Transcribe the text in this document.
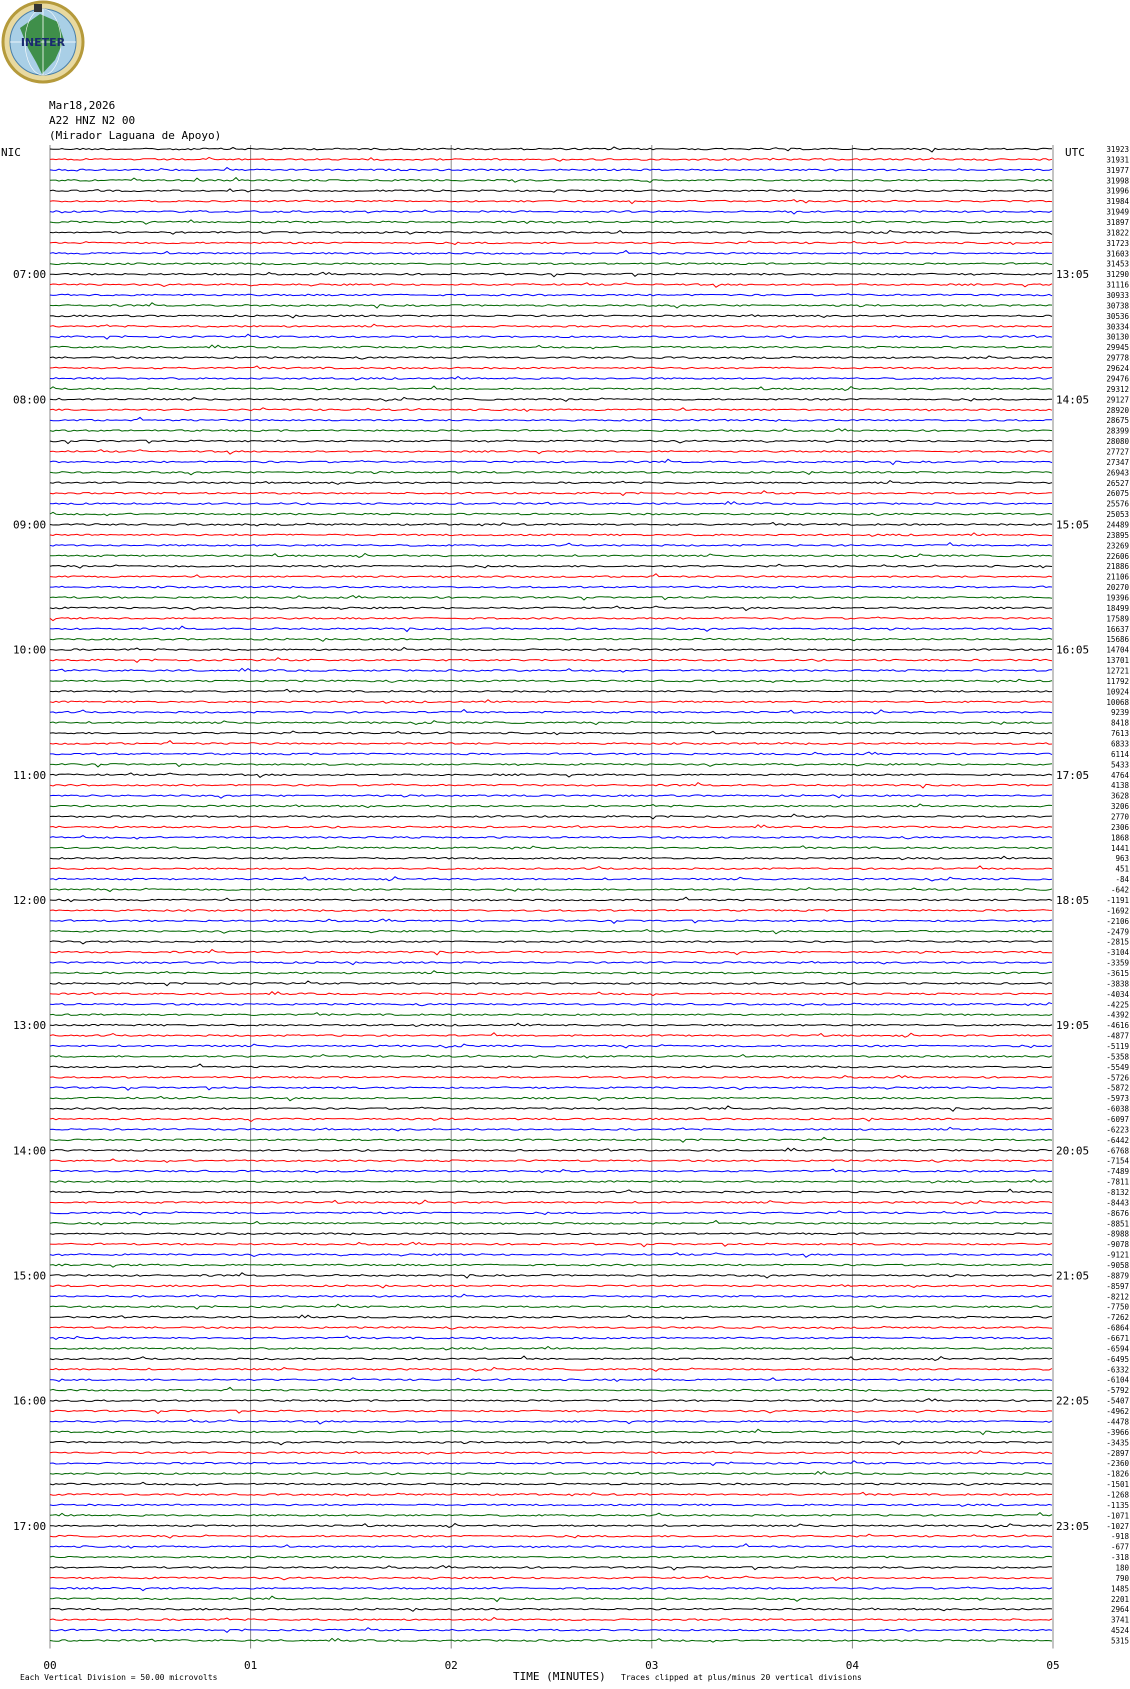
INETER
Mar18,2026
A22 HNZ N2 00
(Mirador Laguana de Apoyo)
07:00
08:00
09:00
10:00
11:00
12:00
13:00
14:00
15:00
16:00
17:00
13:05
14:05
15:05
16:05
17:05
18:05
19:05
20:05
21:05
22:05
23:05
31923
31931
31977
31998
31996
31984
31949
31897
31822
31723
31603
31453
31290
31116
30933
30738
30536
30334
30130
29945
29778
29624
29476
29312
29127
28920
28675
28399
28080
27727
27347
26943
26527
26075
25576
25053
24489
23895
23269
22606
21886
21106
20270
19396
18499
17589
16637
15686
14704
13701
12721
11792
10924
10068
9239
8418
7613
6833
6114
5433
4764
4138
3628
3206
2770
2306
1868
1441
963
451
-84
-642
-1191
-1692
-2106
-2479
-2815
-3104
-3359
-3615
-3838
-4034
-4225
-4392
-4616
-4877
-5119
-5358
-5549
-5726
-5872
-5973
-6038
-6097
-6223
-6442
-6768
-7154
-7489
-7811
-8132
-8443
-8676
-8851
-8988
-9078
-9121
-9058
-8879
-8597
-8212
-7750
-7262
-6864
-6671
-6594
-6495
-6332
-6104
-5792
-5407
-4962
-4478
-3966
-3435
-2897
-2360
-1826
-1501
-1268
-1135
-1071
-1027
-918
-677
-318
180
790
1485
2201
2964
3741
4524
5315
00	01	02	03	04	05
NIC	UTC
Each Vertical Division = 50.00 microvolts	TIME (MINUTES) Traces clipped at plus/minus 20 vertical divisions
